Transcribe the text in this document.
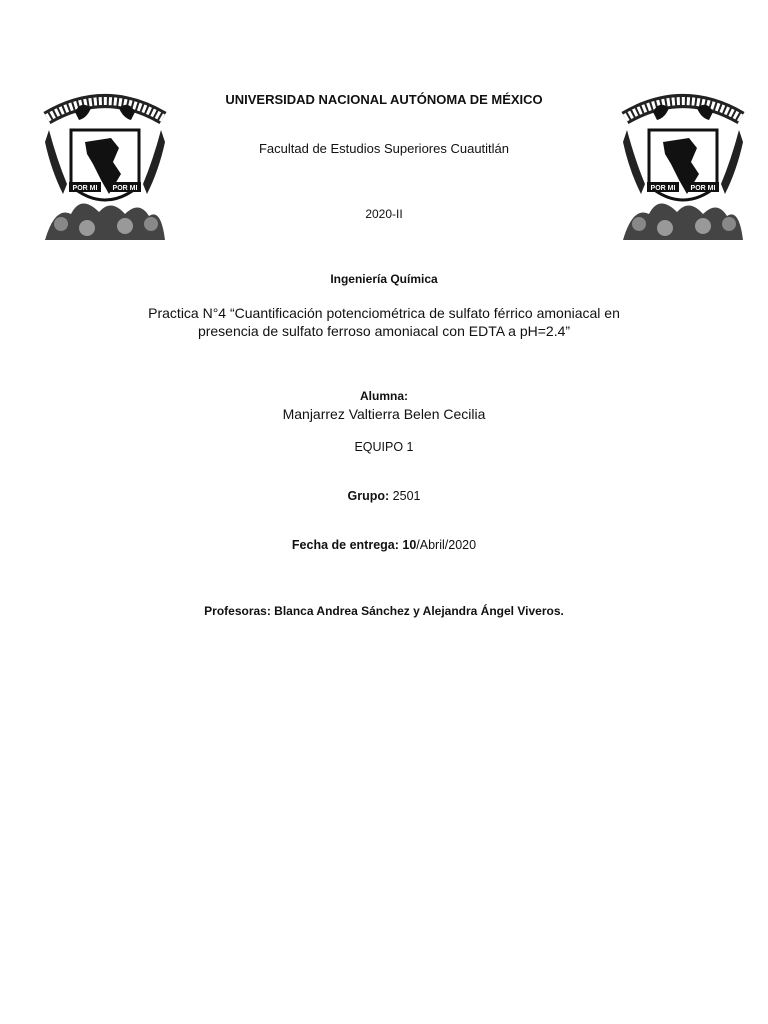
POR MI POR MI	POR MI POR MI
UNIVERSIDAD NACIONAL AUTÓNOMA DE MÉXICO
Facultad de Estudios Superiores Cuautitlán
2020-II
Ingeniería Química
Practica N°4 “Cuantificación potenciométrica de sulfato férrico amoniacal en
presencia de sulfato ferroso amoniacal con EDTA a pH=2.4”
Alumna:
Manjarrez Valtierra Belen Cecilia
EQUIPO 1
Grupo: 2501
Fecha de entrega: 10/Abril/2020
Profesoras: Blanca Andrea Sánchez y Alejandra Ángel Viveros.
